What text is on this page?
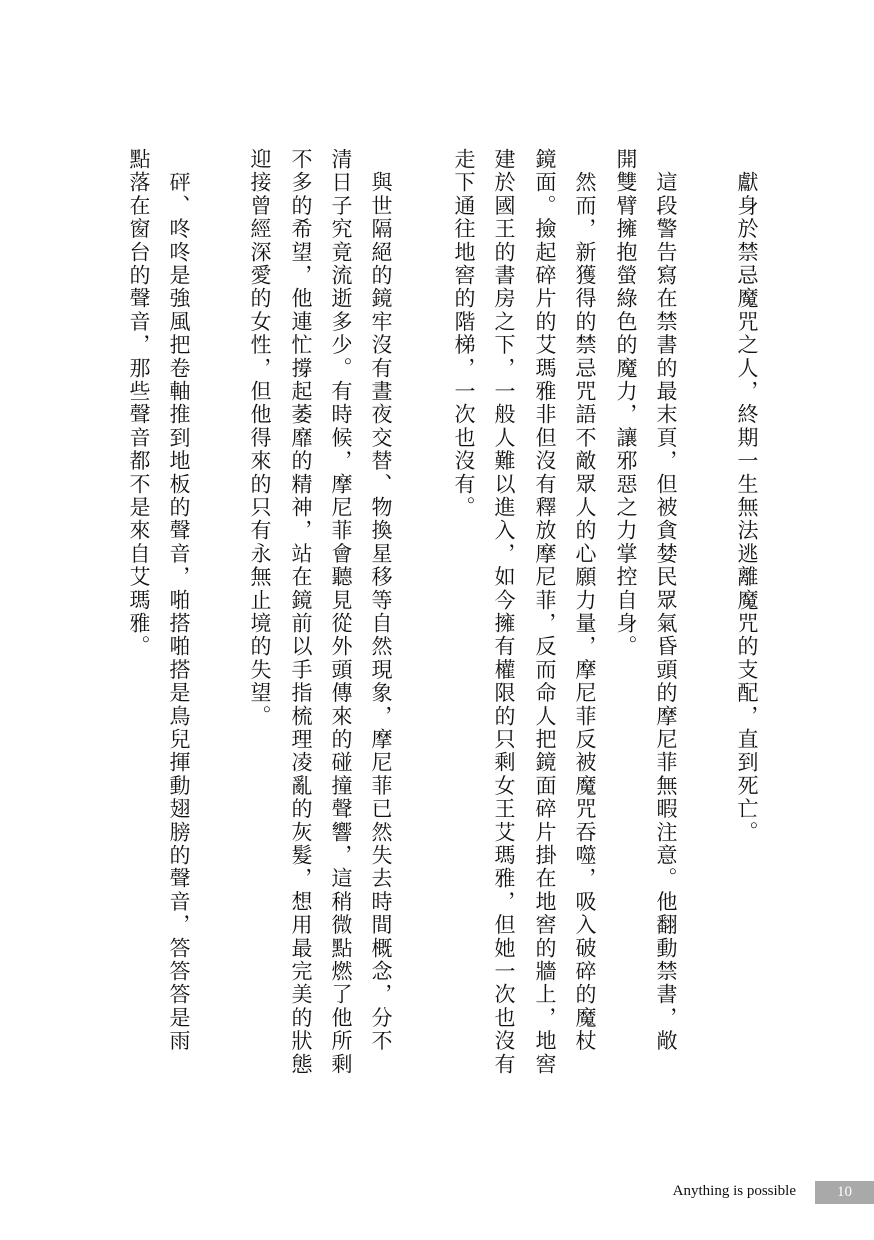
　獻身於禁忌魔咒之人，終期一生無法逃離魔咒的支配，直到死亡。
　這段警告寫在禁書的最末頁，但被貪婪民眾氣昏頭的摩尼菲無暇注意。他翻動禁書，敞
開雙臂擁抱螢綠色的魔力，讓邪惡之力掌控自身。
　然而，新獲得的禁忌咒語不敵眾人的心願力量，摩尼菲反被魔咒吞噬，吸入破碎的魔杖
鏡面。撿起碎片的艾瑪雅非但沒有釋放摩尼菲，反而命人把鏡面碎片掛在地窖的牆上，地窖
建於國王的書房之下，一般人難以進入，如今擁有權限的只剩女王艾瑪雅，但她一次也沒有
走下通往地窖的階梯，一次也沒有。
　與世隔絕的鏡牢沒有晝夜交替、物換星移等自然現象，摩尼菲已然失去時間概念，分不
清日子究竟流逝多少。有時候，摩尼菲會聽見從外頭傳來的碰撞聲響，這稍微點燃了他所剩
不多的希望，他連忙撐起萎靡的精神，站在鏡前以手指梳理凌亂的灰髮，想用最完美的狀態
迎接曾經深愛的女性，但他得來的只有永無止境的失望。
　砰、咚咚是強風把卷軸推到地板的聲音，啪搭啪搭是鳥兒揮動翅膀的聲音，答答答是雨
點落在窗台的聲音，那些聲音都不是來自艾瑪雅。
Anything is possible	10
